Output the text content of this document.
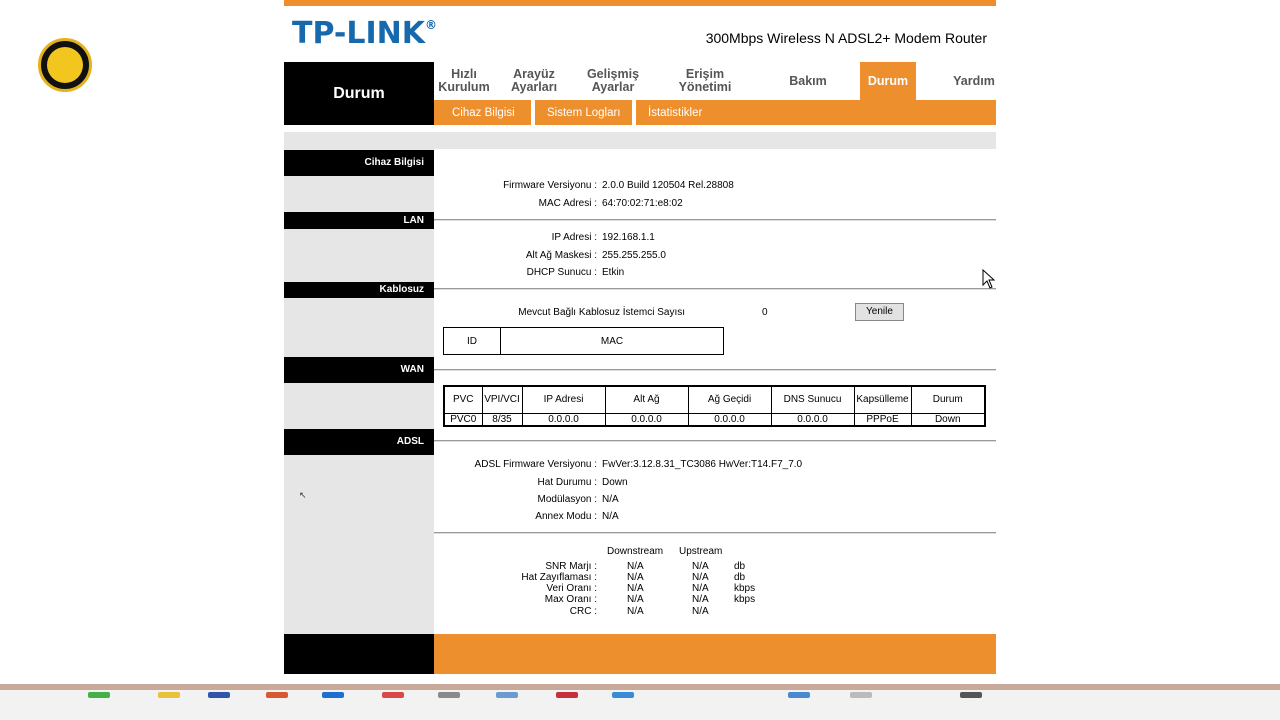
TP-LINK®
300Mbps Wireless N ADSL2+ Modem Router
Durum
Hızlı
Kurulum
Arayüz
Ayarları
Gelişmiş
Ayarlar
Erişim
Yönetimi	Bakım	Durum	Yardım
Cihaz Bilgisi	Sistem Logları İstatistikler
Cihaz Bilgisi
LAN
Kablosuz
WAN
ADSL
Firmware Versiyonu : 2.0.0 Build 120504 Rel.28808
MAC Adresi : 64:70:02:71:e8:02
IP Adresi : 192.168.1.1
Alt Ağ Maskesi : 255.255.255.0
DHCP Sunucu : Etkin
Mevcut Bağlı Kablosuz İstemci Sayısı	0	Yenile
ID	MAC
PVC	VPI/VCI	IP Adresi	Alt Ağ	Ağ Geçidi	DNS Sunucu	Kapsülleme	Durum
PVC0	8/35	0.0.0.0	0.0.0.0	0.0.0.0	0.0.0.0	PPPoE	Down
ADSL Firmware Versiyonu : FwVer:3.12.8.31_TC3086 HwVer:T14.F7_7.0
Hat Durumu : Down
Modülasyon : N/A
Annex Modu : N/A
Downstream Upstream
SNR Marjı :	N/A	N/A	db
Hat Zayıflaması :	N/A	N/A	db
Veri Oranı :	N/A	N/A	kbps
Max Oranı :	N/A	N/A	kbps
CRC :	N/A	N/A
↖
